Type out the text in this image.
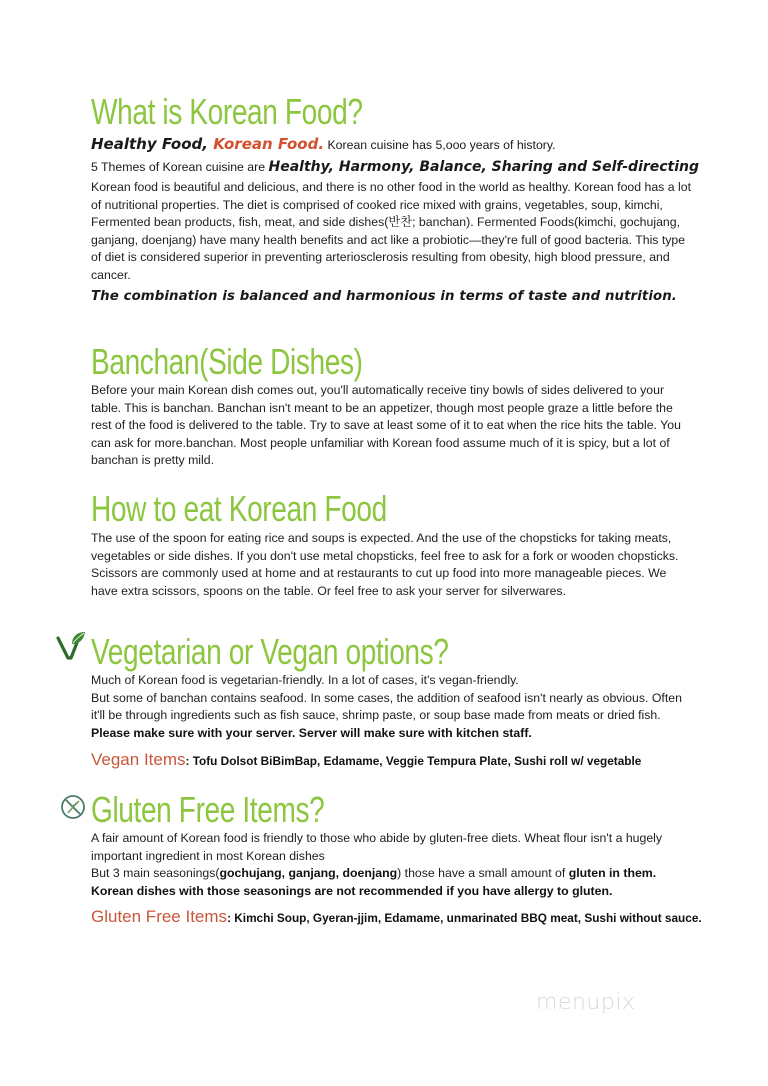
What is Korean Food?

Healthy Food, Korean Food. Korean cuisine has 5,ooo years of history.

5 Themes of Korean cuisine are Healthy, Harmony, Balance, Sharing and Self-directing

Korean food is beautiful and delicious, and there is no other food in the world as healthy. Korean food has a lot of nutritional properties. The diet is comprised of cooked rice mixed with grains, vegetables, soup, kimchi, Fermented bean products, fish, meat, and side dishes(반찬; banchan). Fermented Foods(kimchi, gochujang, ganjang, doenjang) have many health benefits and act like a probiotic—they're full of good bacteria. This type of diet is considered superior in preventing arteriosclerosis resulting from obesity, high blood pressure, and cancer.

The combination is balanced and harmonious in terms of taste and nutrition.

Banchan(Side Dishes)

Before your main Korean dish comes out, you'll automatically receive tiny bowls of sides delivered to your table. This is banchan. Banchan isn't meant to be an appetizer, though most people graze a little before the rest of the food is delivered to the table. Try to save at least some of it to eat when the rice hits the table. You can ask for more.banchan. Most people unfamiliar with Korean food assume much of it is spicy, but a lot of banchan is pretty mild.

How to eat Korean Food

The use of the spoon for eating rice and soups is expected. And the use of the chopsticks for taking meats, vegetables or side dishes. If you don't use metal chopsticks, feel free to ask for a fork or wooden chopsticks. Scissors are commonly used at home and at restaurants to cut up food into more manageable pieces. We have extra scissors, spoons on the table. Or feel free to ask your server for silverwares.

Vegetarian or Vegan options?

Much of Korean food is vegetarian-friendly. In a lot of cases, it's vegan-friendly.

But some of banchan contains seafood. In some cases, the addition of seafood isn't nearly as obvious. Often it'll be through ingredients such as fish sauce, shrimp paste, or soup base made from meats or dried fish. Please make sure with your server. Server will make sure with kitchen staff.

Vegan Items: Tofu Dolsot BiBimBap, Edamame, Veggie Tempura Plate, Sushi roll w/ vegetable

Gluten Free Items?

A fair amount of Korean food is friendly to those who abide by gluten-free diets. Wheat flour isn't a hugely important ingredient in most Korean dishes

But 3 main seasonings(gochujang, ganjang, doenjang) those have a small amount of gluten in them.

Korean dishes with those seasonings are not recommended if you have allergy to gluten.

Gluten Free Items: Kimchi Soup, Gyeran-jjim, Edamame, unmarinated BBQ meat, Sushi without sauce.

menupix
